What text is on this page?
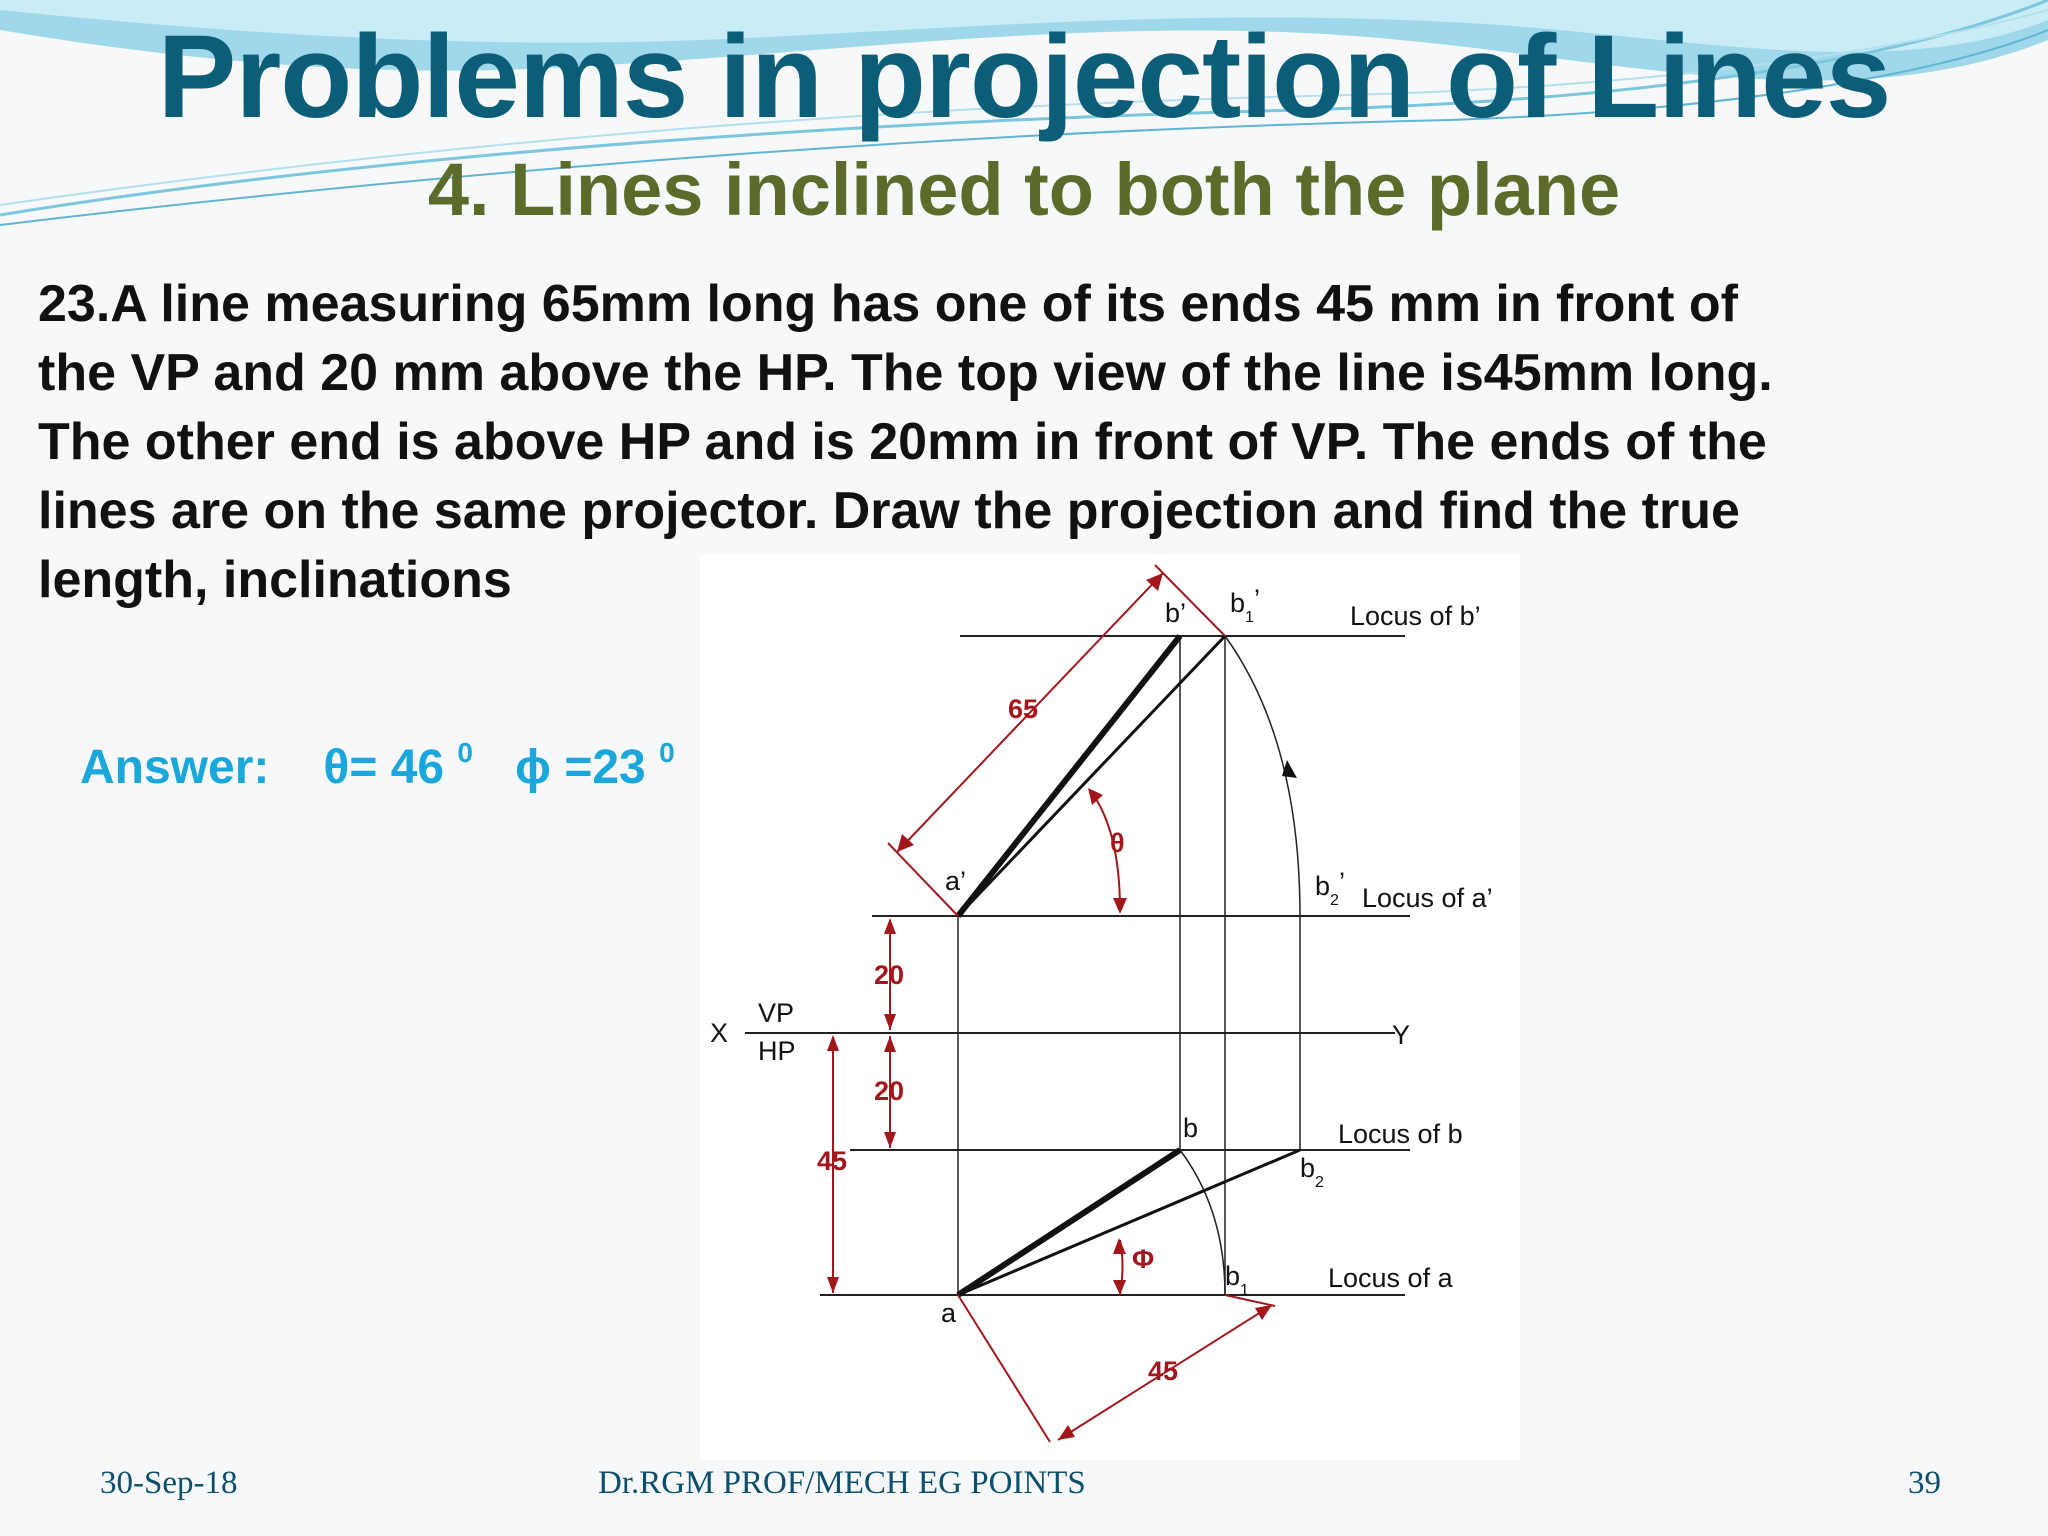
Problems in projection of Lines
4. Lines inclined to both the plane

23.A line measuring 65mm long has one of its ends 45 mm in front of
the VP and 20 mm above the HP. The top view of the line is45mm long.
The other end is above HP and is 20mm in front of VP. The ends of the
lines are on the same projector. Draw the projection and find the true
length, inclinations

Answer: θ= 46 $^0$ ϕ =23 $^0$
65
θ
20
20
45
Φ
45
b’ $b_1$’
Locus of b’
a’	$b_2$’
Locus of a’
X
VP
HP
Y
b	Locus of b
$b_2$
$b_1$	Locus of a
a
30-Sep-18	Dr.RGM PROF/MECH EG POINTS	39
